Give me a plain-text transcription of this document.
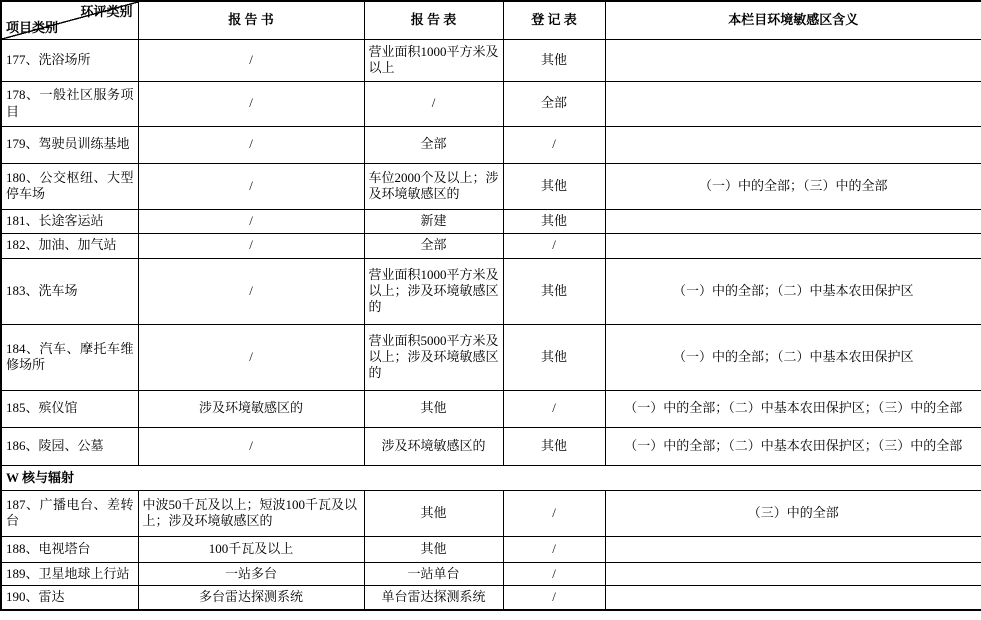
环评类别
项目类别	报 告 书	报 告 表	登 记 表	本栏目环境敏感区含义
177、洗浴场所	/	营业面积1000平方米及以上	其他	
178、一般社区服务项目	/	/	全部	
179、驾驶员训练基地	/	全部	/	
180、公交枢纽、大型停车场	/	车位2000个及以上；涉及环境敏感区的	其他	（一）中的全部；（三）中的全部
181、长途客运站	/	新建	其他	
182、加油、加气站	/	全部	/	
183、洗车场	/	营业面积1000平方米及以上；涉及环境敏感区的	其他	（一）中的全部；（二）中基本农田保护区
184、汽车、摩托车维修场所	/	营业面积5000平方米及以上；涉及环境敏感区的	其他	（一）中的全部；（二）中基本农田保护区
185、殡仪馆	涉及环境敏感区的	其他	/	（一）中的全部；（二）中基本农田保护区；（三）中的全部
186、陵园、公墓	/	涉及环境敏感区的	其他	（一）中的全部；（二）中基本农田保护区；（三）中的全部
W 核与辐射				
187、广播电台、差转台	中波50千瓦及以上；短波100千瓦及以上；涉及环境敏感区的	其他	/	（三）中的全部
188、电视塔台	100千瓦及以上	其他	/	
189、卫星地球上行站	一站多台	一站单台	/	
190、雷达	多台雷达探测系统	单台雷达探测系统	/	
